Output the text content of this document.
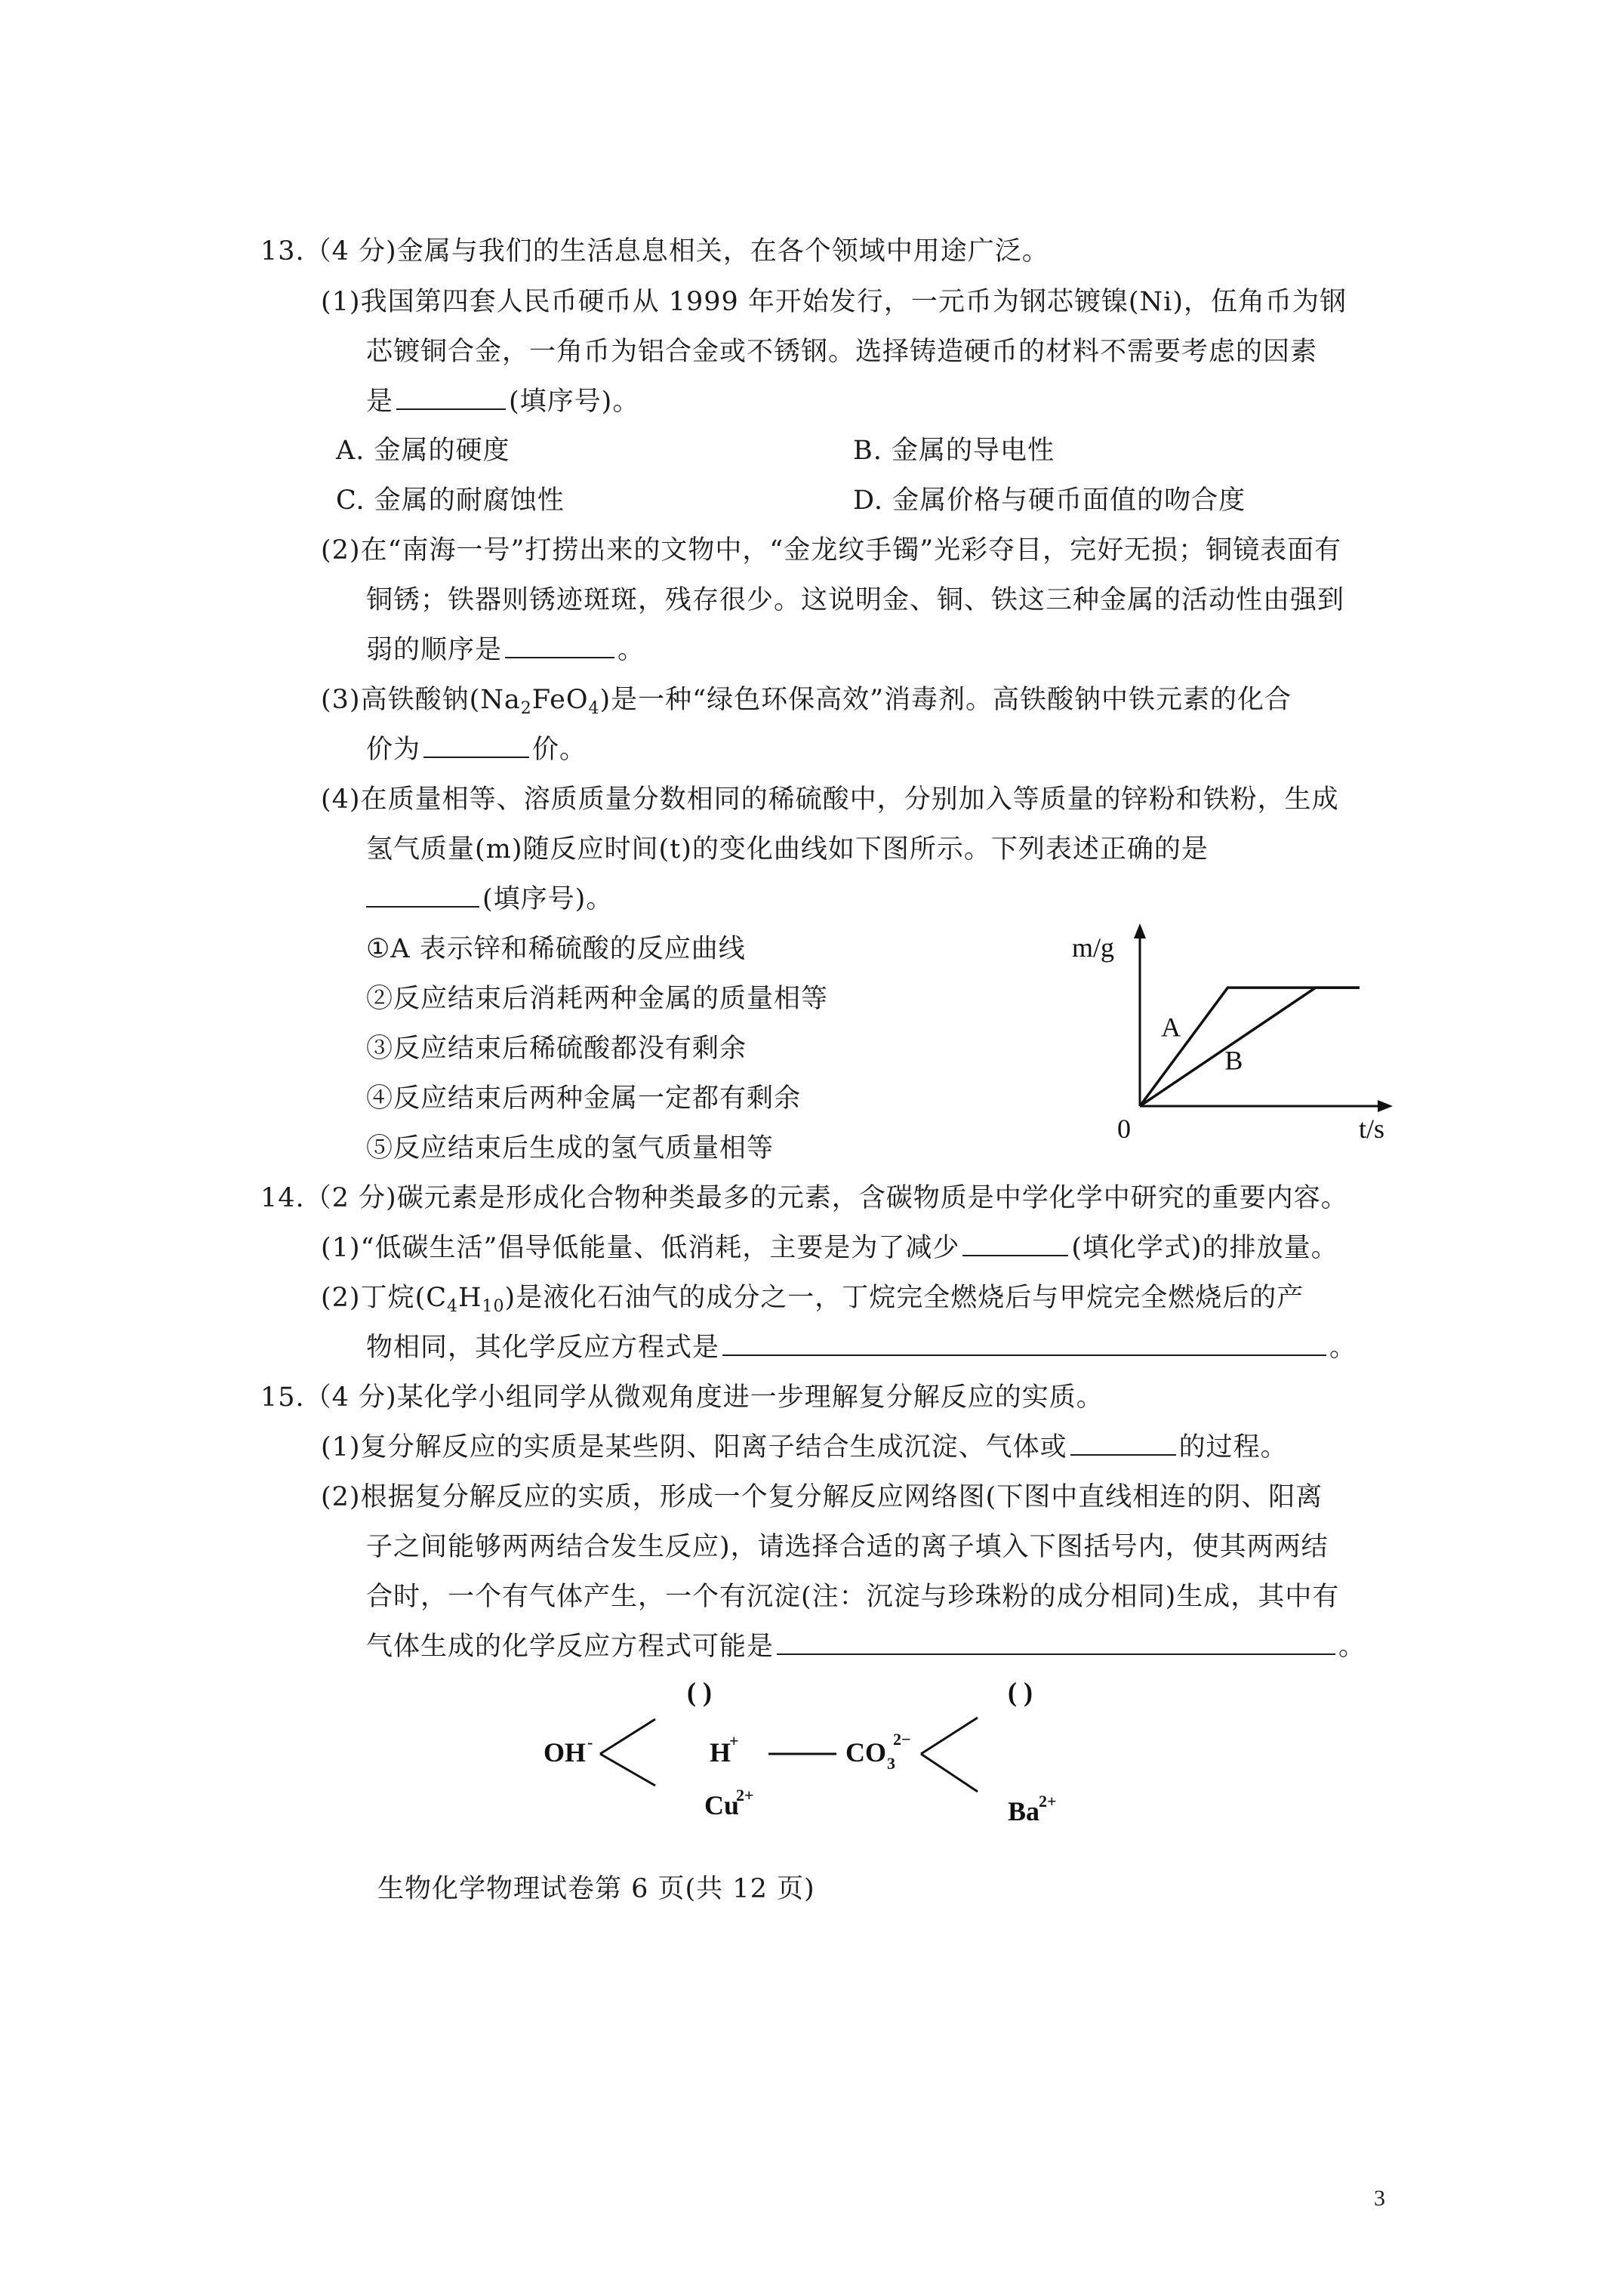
13.（4 分)金属与我们的生活息息相关，在各个领域中用途广泛。
(1)我国第四套人民币硬币从 1999 年开始发行，一元币为钢芯镀镍(Ni)，伍角币为钢
芯镀铜合金，一角币为铝合金或不锈钢。选择铸造硬币的材料不需要考虑的因素
是	(填序号)。
A. 金属的硬度	B. 金属的导电性
C. 金属的耐腐蚀性	D. 金属价格与硬币面值的吻合度
(2)在“南海一号”打捞出来的文物中，“金龙纹手镯”光彩夺目，完好无损；铜镜表面有
铜锈；铁器则锈迹斑斑，残存很少。这说明金、铜、铁这三种金属的活动性由强到
弱的顺序是	。
(3)高铁酸钠$(Na_2FeO_4)$是一种“绿色环保高效”消毒剂。高铁酸钠中铁元素的化合
价为	价。
(4)在质量相等、溶质质量分数相同的稀硫酸中，分别加入等质量的锌粉和铁粉，生成
氢气质量(m)随反应时间(t)的变化曲线如下图所示。下列表述正确的是
(填序号)。
①A 表示锌和稀硫酸的反应曲线
②反应结束后消耗两种金属的质量相等
③反应结束后稀硫酸都没有剩余
④反应结束后两种金属一定都有剩余
⑤反应结束后生成的氢气质量相等
m/g
t/s
0
A
B
14.（2 分)碳元素是形成化合物种类最多的元素，含碳物质是中学化学中研究的重要内容。
(1)“低碳生活”倡导低能量、低消耗，主要是为了减少	(填化学式)的排放量。
(2)丁烷$(C_4H_{10})$是液化石油气的成分之一，丁烷完全燃烧后与甲烷完全燃烧后的产
物相同，其化学反应方程式是	。
15.（4 分)某化学小组同学从微观角度进一步理解复分解反应的实质。
(1)复分解反应的实质是某些阴、阳离子结合生成沉淀、气体或	的过程。
(2)根据复分解反应的实质，形成一个复分解反应网络图(下图中直线相连的阴、阳离
子之间能够两两结合发生反应)，请选择合适的离子填入下图括号内，使其两两结
合时，一个有气体产生，一个有沉淀(注：沉淀与珍珠粉的成分相同)生成，其中有
气体生成的化学反应方程式可能是	。
( )	( )
OH -	H
+	CO 3
2−
Cu
2+
Ba
2+
生物化学物理试卷第 6 页(共 12 页)
3
